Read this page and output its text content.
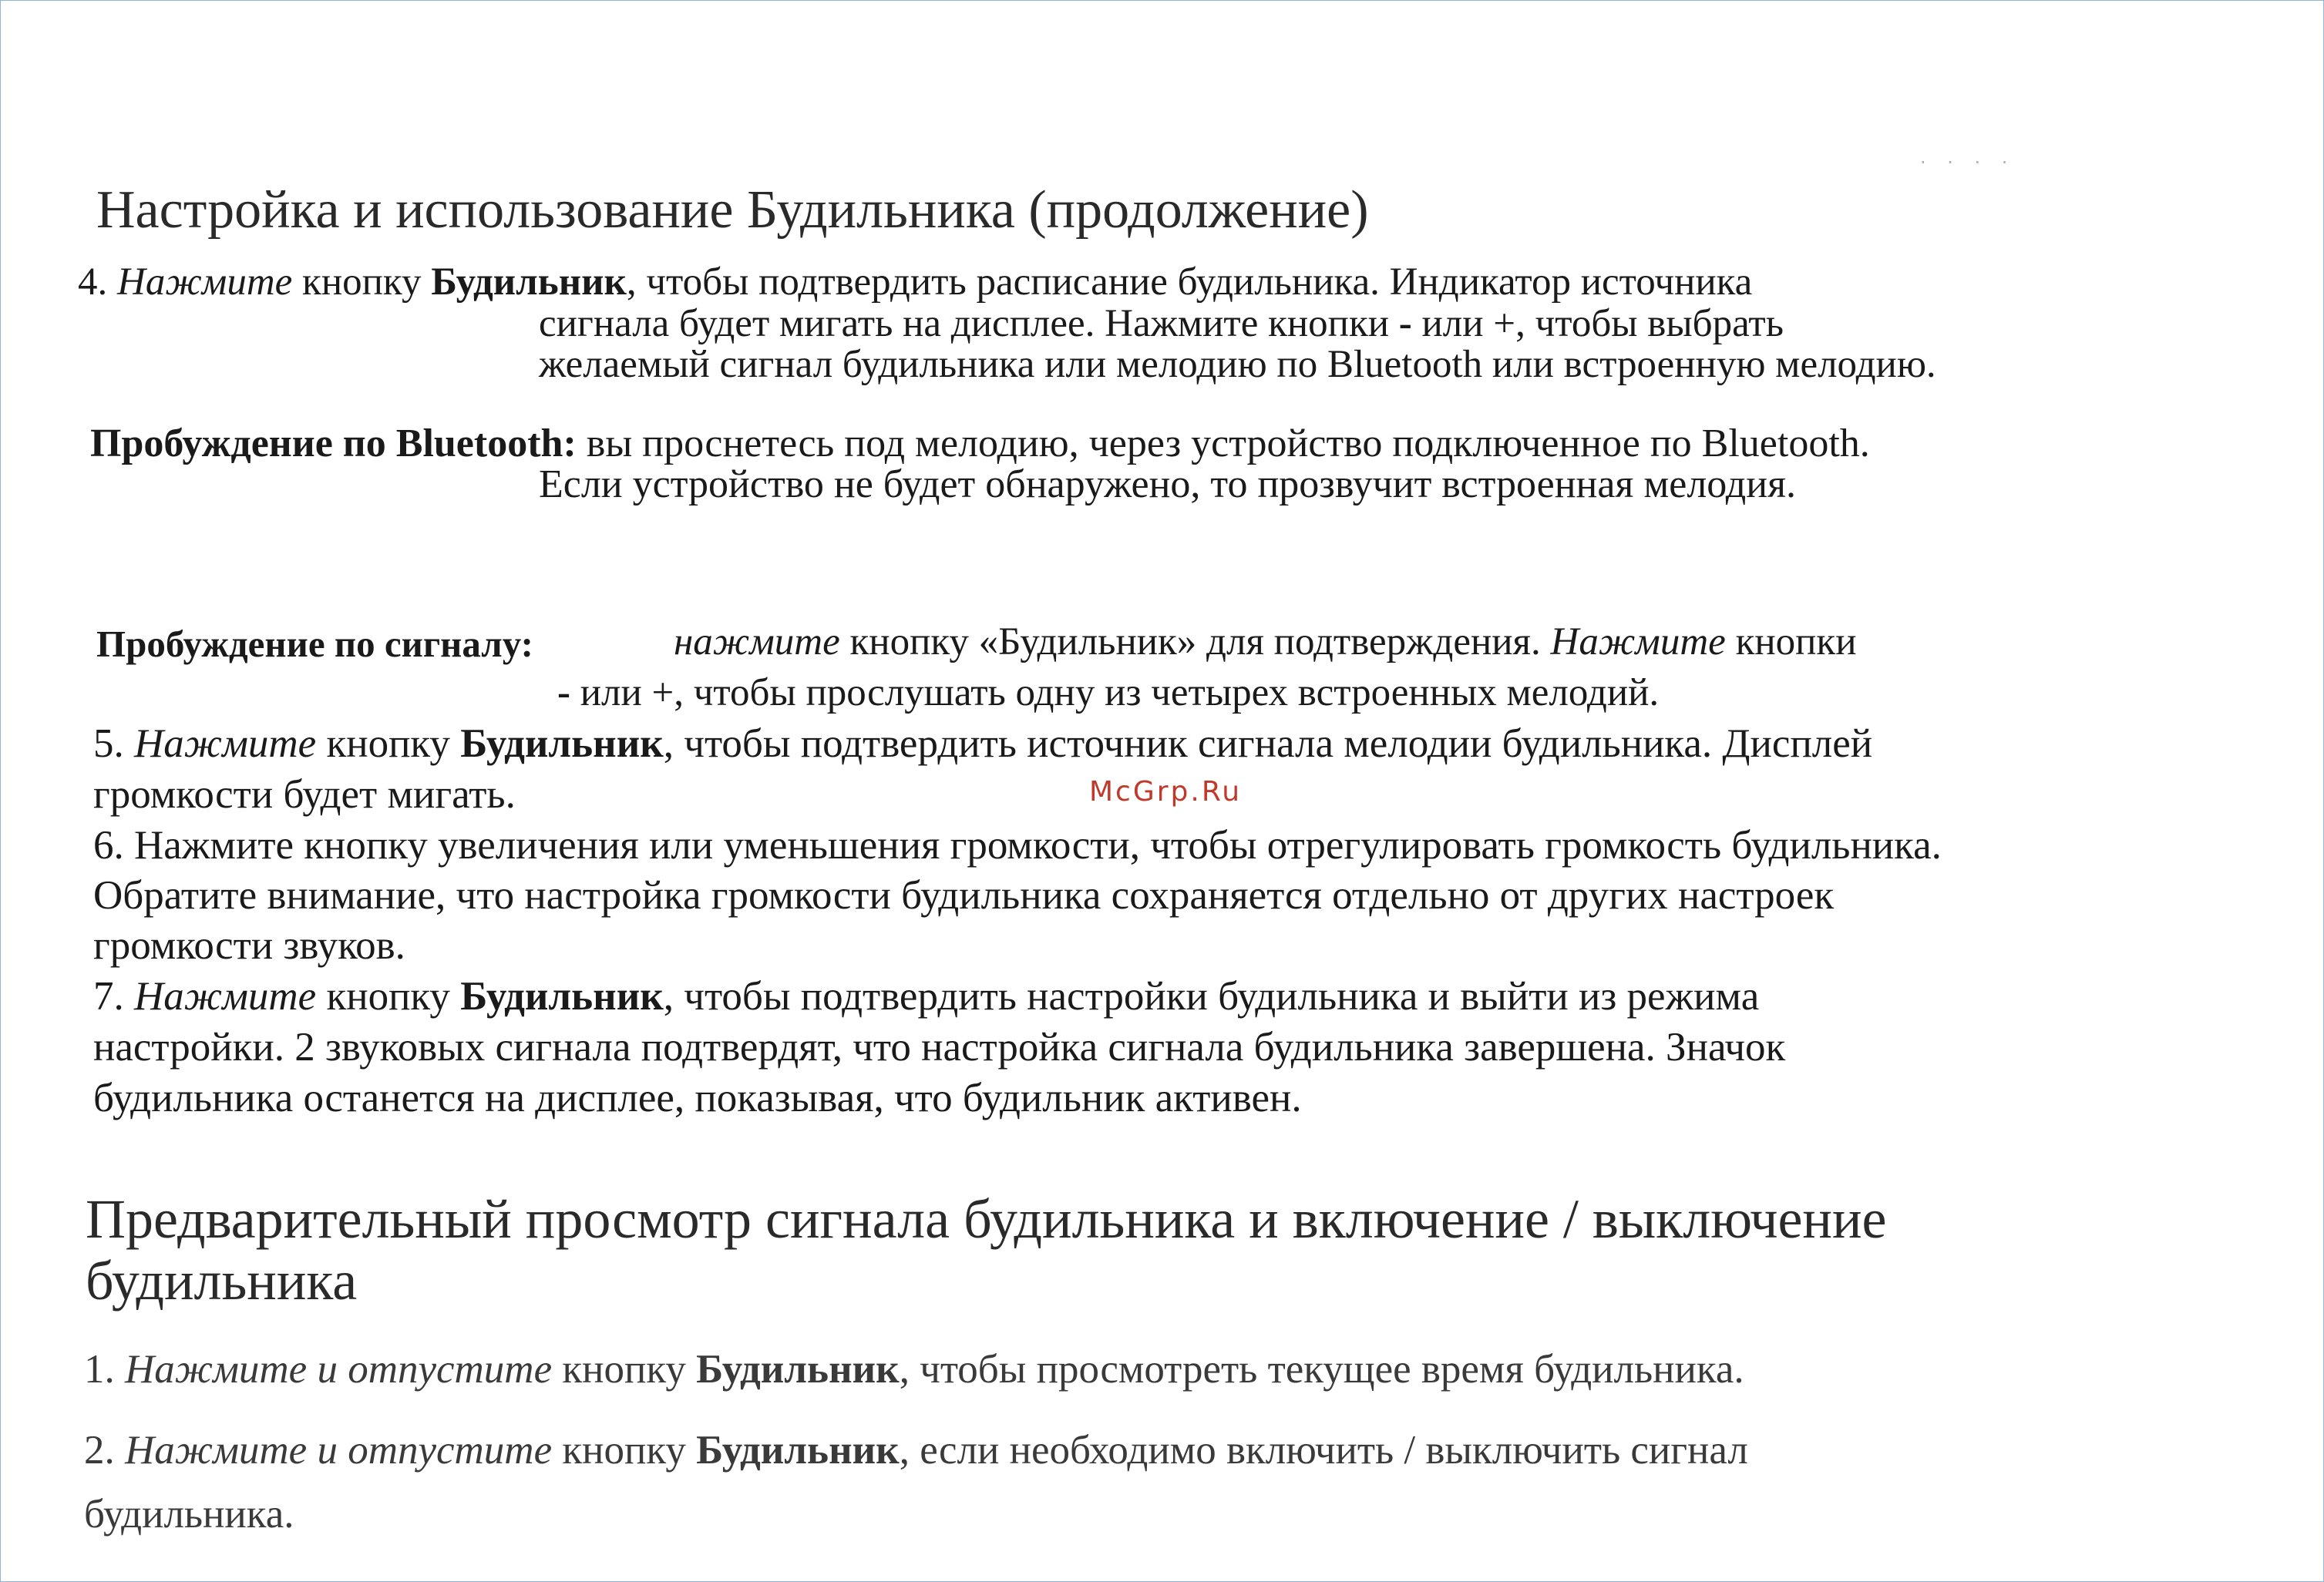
· · · ·
Настройка и использование Будильника (продолжение)
4. Нажмите кнопку Будильник, чтобы подтвердить расписание будильника. Индикатор источника
сигнала будет мигать на дисплее. Нажмите кнопки - или +, чтобы выбрать
желаемый сигнал будильника или мелодию по Bluetooth или встроенную мелодию.
Пробуждение по Bluetooth: вы проснетесь под мелодию, через устройство подключенное по Bluetooth.
Если устройство не будет обнаружено, то прозвучит встроенная мелодия.
Пробуждение по сигналу:	нажмите кнопку «Будильник» для подтверждения. Нажмите кнопки
- или +, чтобы прослушать одну из четырех встроенных мелодий.
5. Нажмите кнопку Будильник, чтобы подтвердить источник сигнала мелодии будильника. Дисплей
громкости будет мигать.	McGrp.Ru
6. Нажмите кнопку увеличения или уменьшения громкости, чтобы отрегулировать громкость будильника.
Обратите внимание, что настройка громкости будильника сохраняется отдельно от других настроек
громкости звуков.
7. Нажмите кнопку Будильник, чтобы подтвердить настройки будильника и выйти из режима
настройки. 2 звуковых сигнала подтвердят, что настройка сигнала будильника завершена. Значок
будильника останется на дисплее, показывая, что будильник активен.
Предварительный просмотр сигнала будильника и включение / выключение
будильника
1. Нажмите и отпустите кнопку Будильник, чтобы просмотреть текущее время будильника.
2. Нажмите и отпустите кнопку Будильник, если необходимо включить / выключить сигнал
будильника.
